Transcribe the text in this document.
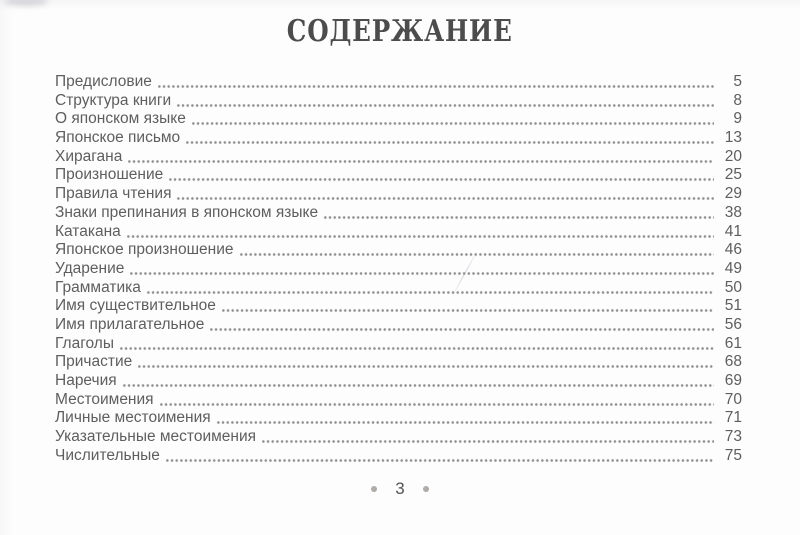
СОДЕРЖАНИЕ
Предисловие	5
Структура книги	8
О японском языке	9
Японское письмо	13
Хирагана	20
Произношение	25
Правила чтения	29
Знаки препинания в японском языке	38
Катакана	41
Японское произношение	46
Ударение	49
Грамматика	50
Имя существительное	51
Имя прилагательное	56
Глаголы	61
Причастие	68
Наречия	69
Местоимения	70
Личные местоимения	71
Указательные местоимения	73
Числительные	75
3
